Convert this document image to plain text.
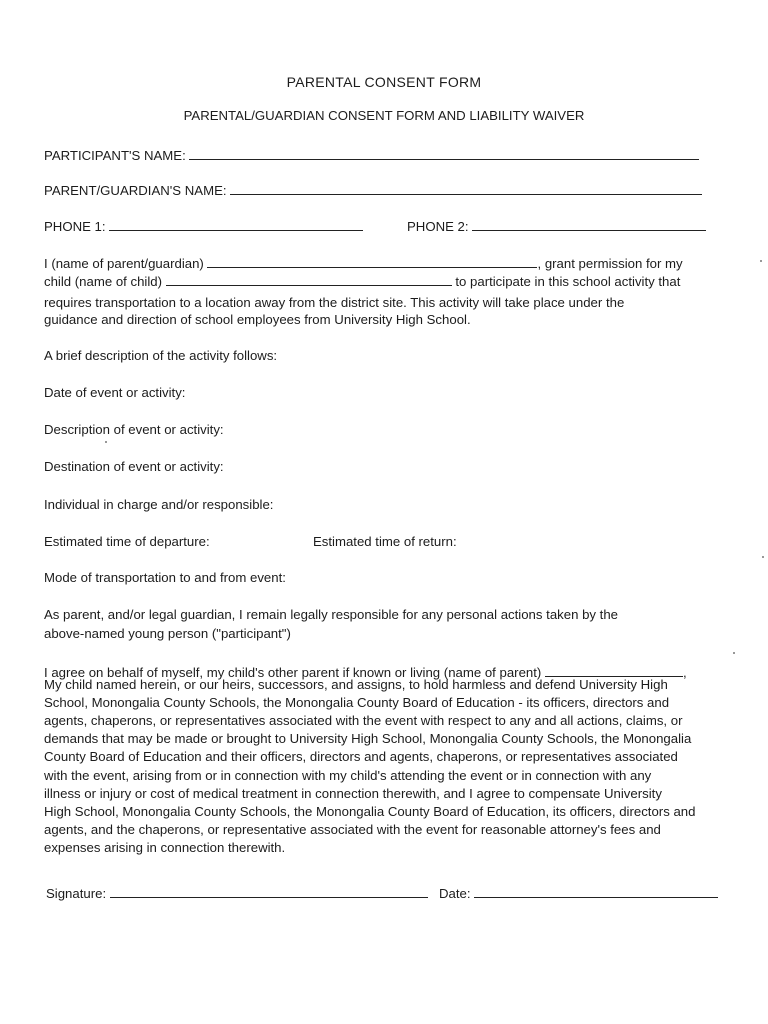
PARENTAL CONSENT FORM
PARENTAL/GUARDIAN CONSENT FORM AND LIABILITY WAIVER
PARTICIPANT'S NAME:
PARENT/GUARDIAN'S NAME:
PHONE 1:	PHONE 2:
I (name of parent/guardian)	, grant permission for my
child (name of child)	to participate in this school activity that
requires transportation to a location away from the district site. This activity will take place under the
guidance and direction of school employees from University High School.
A brief description of the activity follows:
Date of event or activity:
Description of event or activity:
Destination of event or activity:
Individual in charge and/or responsible:
Estimated time of departure:	Estimated time of return:
Mode of transportation to and from event:
As parent, and/or legal guardian, I remain legally responsible for any personal actions taken by the
above-named young person ("participant")
I agree on behalf of myself, my child's other parent if known or living (name of parent)	,
My child named herein, or our heirs, successors, and assigns, to hold harmless and defend University High
School, Monongalia County Schools, the Monongalia County Board of Education - its officers, directors and
agents, chaperons, or representatives associated with the event with respect to any and all actions, claims, or
demands that may be made or brought to University High School, Monongalia County Schools, the Monongalia
County Board of Education and their officers, directors and agents, chaperons, or representatives associated
with the event, arising from or in connection with my child's attending the event or in connection with any
illness or injury or cost of medical treatment in connection therewith, and I agree to compensate University
High School, Monongalia County Schools, the Monongalia County Board of Education, its officers, directors and
agents, and the chaperons, or representative associated with the event for reasonable attorney's fees and
expenses arising in connection therewith.
Signature:	Date:
